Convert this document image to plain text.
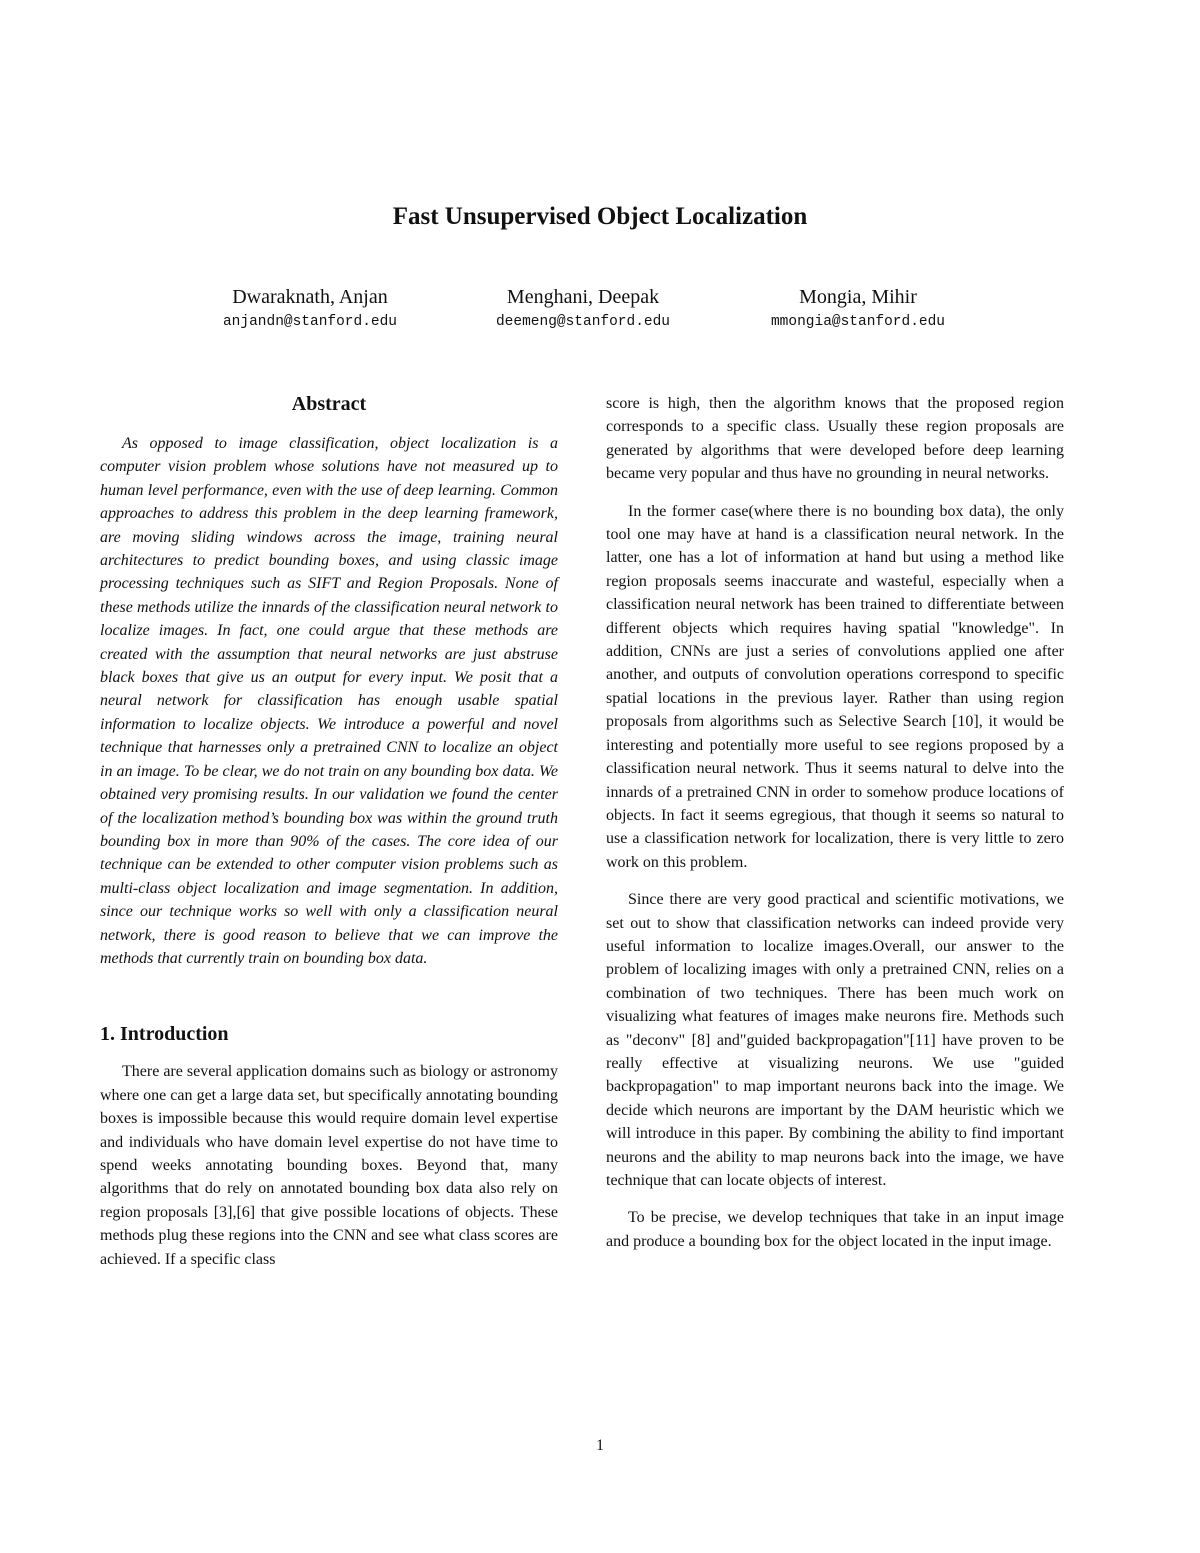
Fast Unsupervised Object Localization
Dwaraknath, Anjan
anjandn@stanford.edu
Menghani, Deepak
deemeng@stanford.edu
Mongia, Mihir
mmongia@stanford.edu
Abstract

As opposed to image classification, object localization is a computer vision problem whose solutions have not measured up to human level performance, even with the use of deep learning. Common approaches to address this problem in the deep learning framework, are moving sliding windows across the image, training neural architectures to predict bounding boxes, and using classic image processing techniques such as SIFT and Region Proposals. None of these methods utilize the innards of the classification neural network to localize images. In fact, one could argue that these methods are created with the assumption that neural networks are just abstruse black boxes that give us an output for every input. We posit that a neural network for classification has enough usable spatial information to localize objects. We introduce a powerful and novel technique that harnesses only a pretrained CNN to localize an object in an image. To be clear, we do not train on any bounding box data. We obtained very promising results. In our validation we found the center of the localization method’s bounding box was within the ground truth bounding box in more than 90% of the cases. The core idea of our technique can be extended to other computer vision problems such as multi-class object localization and image segmentation. In addition, since our technique works so well with only a classification neural network, there is good reason to believe that we can improve the methods that currently train on bounding box data.

1. Introduction

There are several application domains such as biology or astronomy where one can get a large data set, but specifically annotating bounding boxes is impossible because this would require domain level expertise and individuals who have domain level expertise do not have time to spend weeks annotating bounding boxes. Beyond that, many algorithms that do rely on annotated bounding box data also rely on region proposals [3],[6] that give possible locations of objects. These methods plug these regions into the CNN and see what class scores are achieved. If a specific class

score is high, then the algorithm knows that the proposed region corresponds to a specific class. Usually these region proposals are generated by algorithms that were developed before deep learning became very popular and thus have no grounding in neural networks.

In the former case(where there is no bounding box data), the only tool one may have at hand is a classification neural network. In the latter, one has a lot of information at hand but using a method like region proposals seems inaccurate and wasteful, especially when a classification neural network has been trained to differentiate between different objects which requires having spatial "knowledge". In addition, CNNs are just a series of convolutions applied one after another, and outputs of convolution operations correspond to specific spatial locations in the previous layer. Rather than using region proposals from algorithms such as Selective Search [10], it would be interesting and potentially more useful to see regions proposed by a classification neural network. Thus it seems natural to delve into the innards of a pretrained CNN in order to somehow produce locations of objects. In fact it seems egregious, that though it seems so natural to use a classification network for localization, there is very little to zero work on this problem.

Since there are very good practical and scientific motivations, we set out to show that classification networks can indeed provide very useful information to localize images.Overall, our answer to the problem of localizing images with only a pretrained CNN, relies on a combination of two techniques. There has been much work on visualizing what features of images make neurons fire. Methods such as "deconv" [8] and"guided backpropagation"[11] have proven to be really effective at visualizing neurons. We use "guided backpropagation" to map important neurons back into the image. We decide which neurons are important by the DAM heuristic which we will introduce in this paper. By combining the ability to find important neurons and the ability to map neurons back into the image, we have technique that can locate objects of interest.

To be precise, we develop techniques that take in an input image and produce a bounding box for the object located in the input image.

1
